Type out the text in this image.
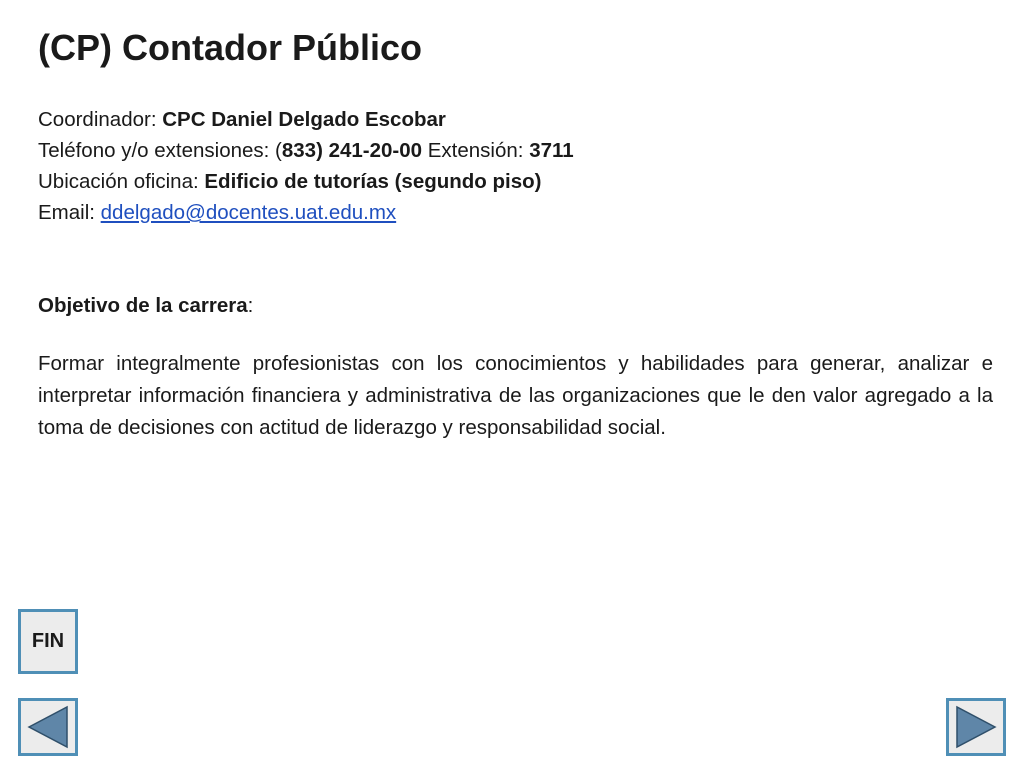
(CP) Contador Público
Coordinador: CPC Daniel Delgado Escobar
Teléfono y/o extensiones: (833) 241-20-00 Extensión: 3711
Ubicación oficina: Edificio de tutorías (segundo piso)
Email: ddelgado@docentes.uat.edu.mx
Objetivo de la carrera:

Formar integralmente profesionistas con los conocimientos y habilidades para generar, analizar e interpretar información financiera y administrativa de las organizaciones que le den valor agregado a la toma de decisiones con actitud de liderazgo y responsabilidad social.

FIN
